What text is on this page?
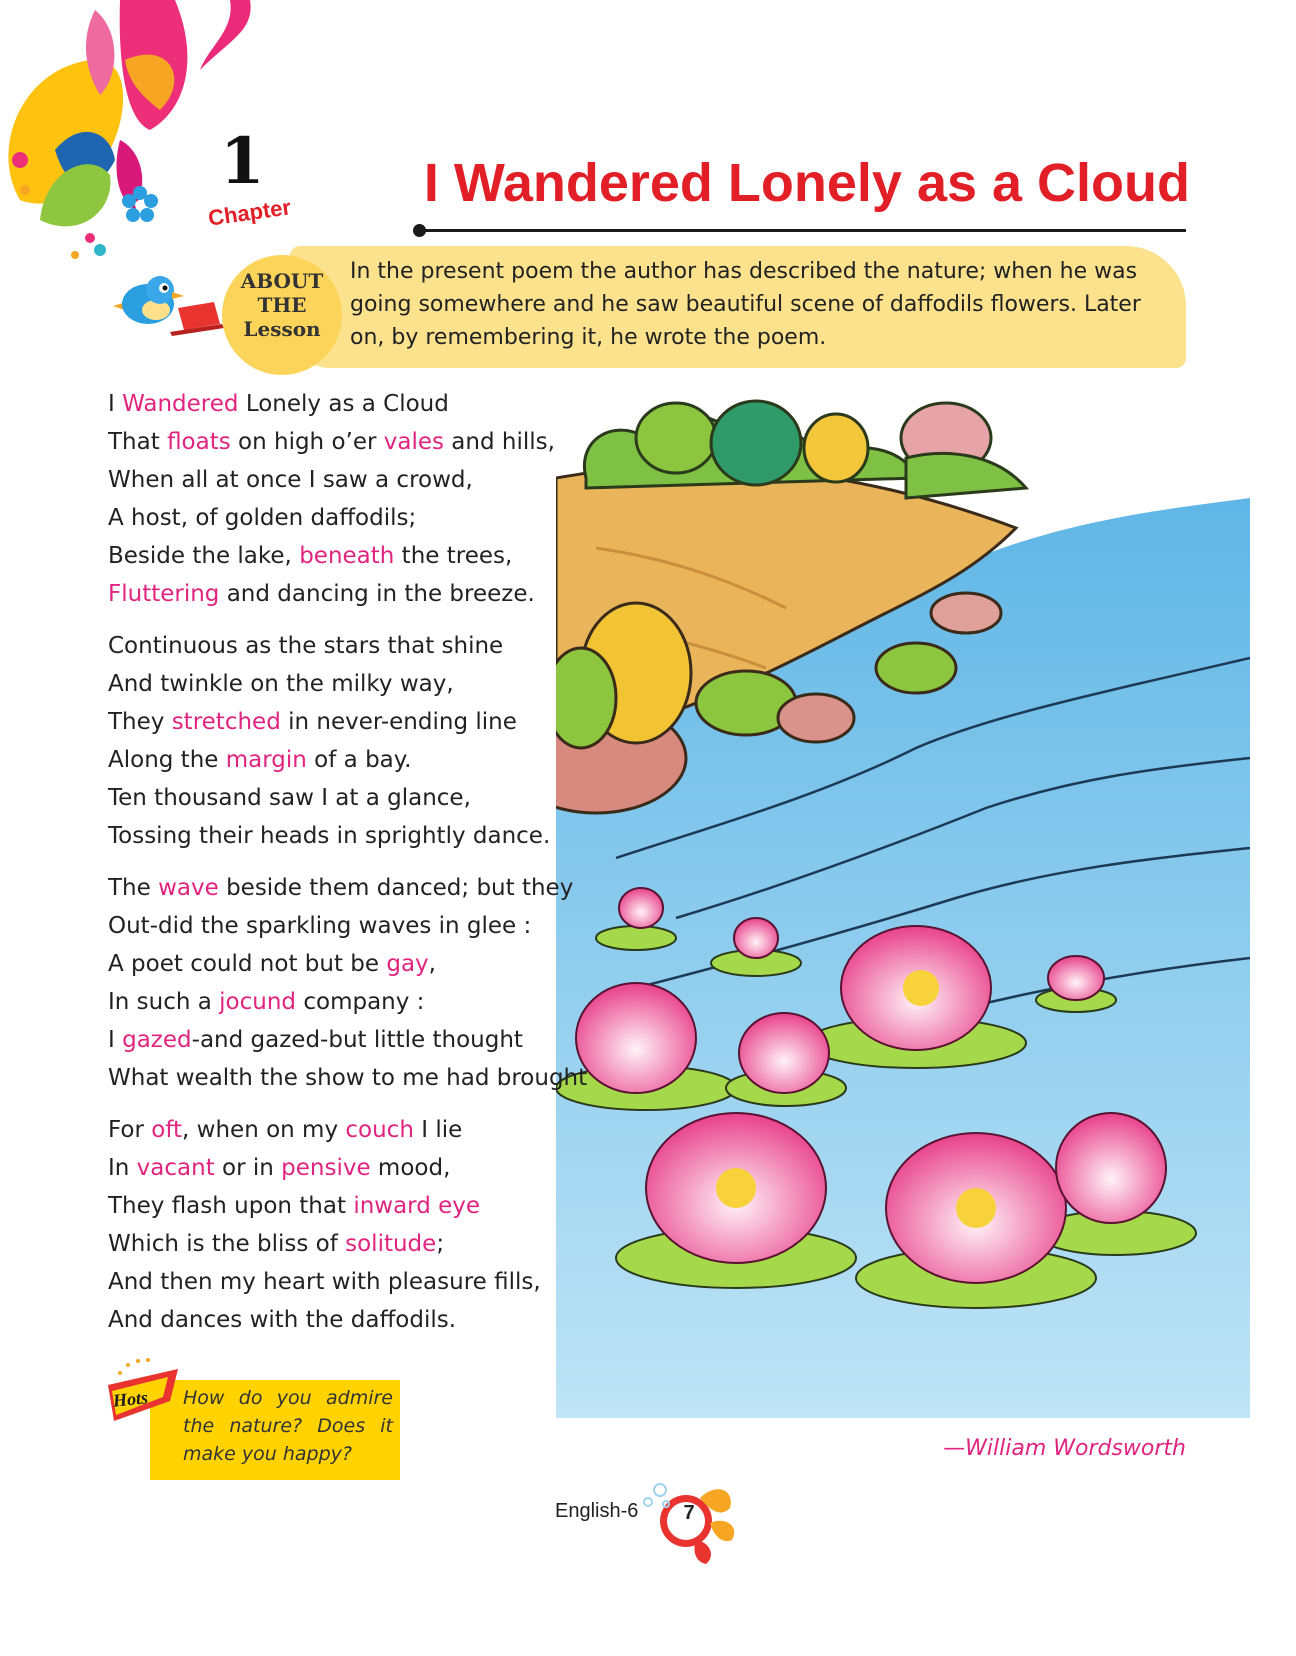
1
Chapter	I Wandered Lonely as a Cloud
ABOUT
THE
Lesson
In the present poem the author has described the nature; when he was going somewhere and he saw beautiful scene of daffodils flowers. Later on, by remembering it, he wrote the poem.
I Wandered Lonely as a Cloud
That floats on high o’er vales and hills,
When all at once I saw a crowd,
A host, of golden daffodils;
Beside the lake, beneath the trees,
Fluttering and dancing in the breeze.
Continuous as the stars that shine
And twinkle on the milky way,
They stretched in never-ending line
Along the margin of a bay.
Ten thousand saw I at a glance,
Tossing their heads in sprightly dance.
The wave beside them danced; but they
Out-did the sparkling waves in glee :
A poet could not but be gay,
In such a jocund company :
I gazed-and gazed-but little thought
What wealth the show to me had brought
For oft, when on my couch I lie
In vacant or in pensive mood,
They flash upon that inward eye
Which is the bliss of solitude;
And then my heart with pleasure fills,
And dances with the daffodils.
Hots How do you admire the nature? Does it make you happy?	—William Wordsworth
English-6	7
